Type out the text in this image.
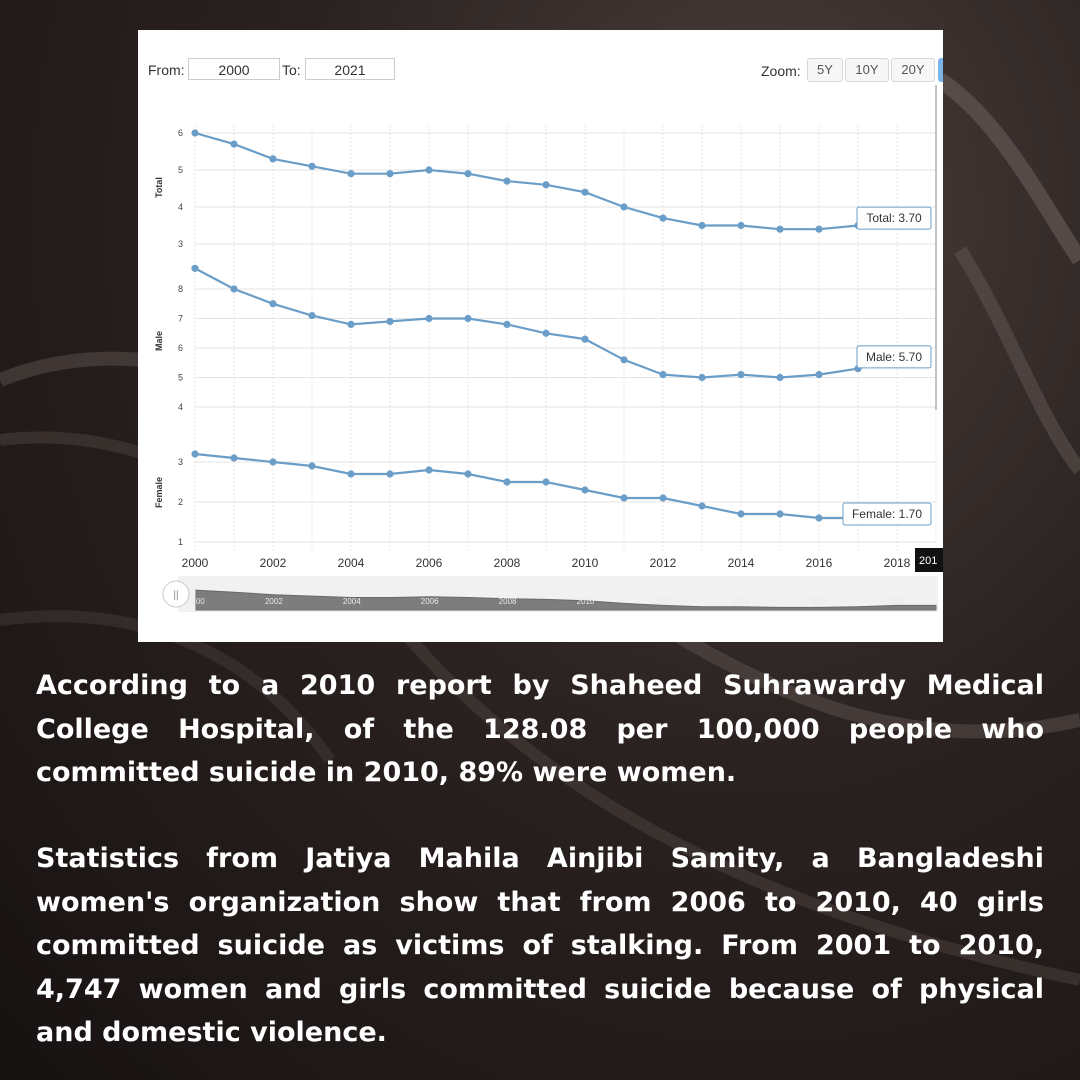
From:	2000	To:	2021	Zoom:	5Y	10Y	20Y
3
4
5
6
Total
Total: 3.70
4
5
6
7
8
Male
Male: 5.70
1
2
3
Female
Female: 1.70
2000	2002	2004	2006	2008	2010	2012	2014	2016	2018 201
000	2002	2004	2006	2008	2010	2012	2014	2016	2018
||
According to a 2010 report by Shaheed Suhrawardy Medical College Hospital, of the 128.08 per 100,000 people who committed suicide in 2010, 89% were women.
Statistics from Jatiya Mahila Ainjibi Samity, a Bangladeshi women's organization show that from 2006 to 2010, 40 girls committed suicide as victims of stalking. From 2001 to 2010, 4,747 women and girls committed suicide because of physical and domestic violence.
